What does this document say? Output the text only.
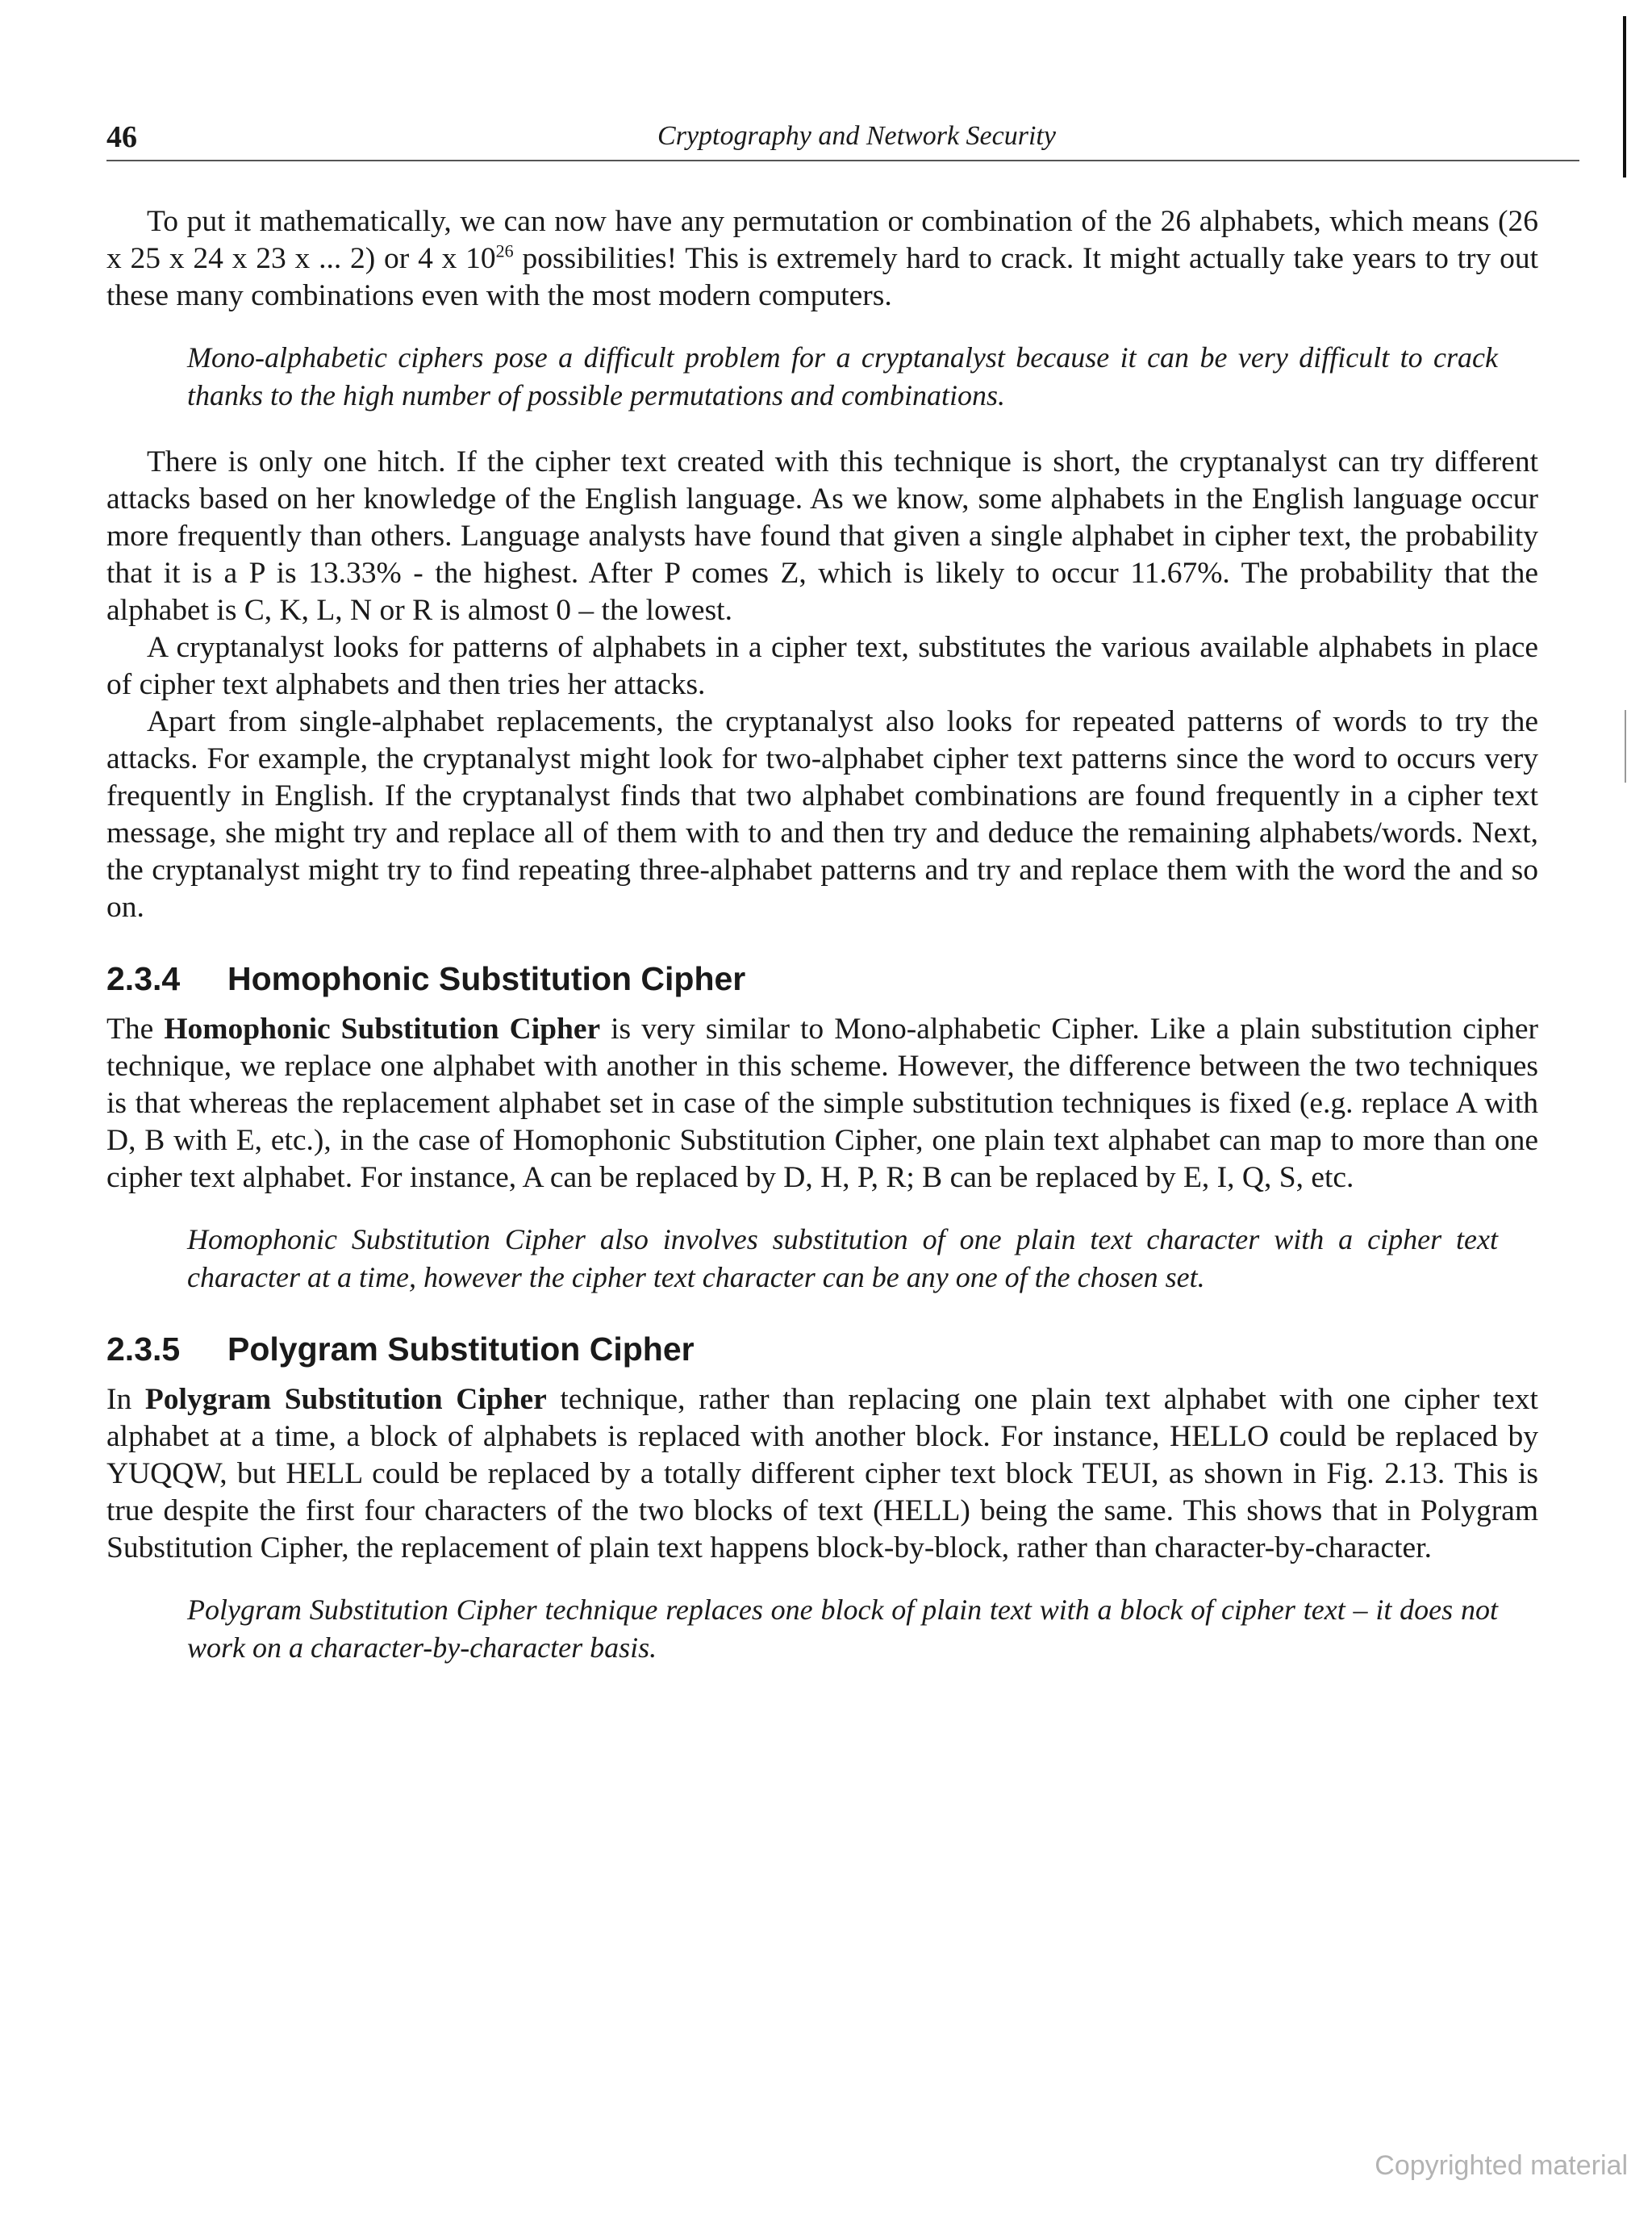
46	Cryptography and Network Security

To put it mathematically, we can now have any permutation or combination of the 26 alphabets, which means (26 x 25 x 24 x 23 x ... 2) or 4 x $10^{26}$ possibilities! This is extremely hard to crack. It might actually take years to try out these many combinations even with the most modern computers.

Mono-alphabetic ciphers pose a difficult problem for a cryptanalyst because it can be very difficult to crack thanks to the high number of possible permutations and combinations.

There is only one hitch. If the cipher text created with this technique is short, the cryptanalyst can try different attacks based on her knowledge of the English language. As we know, some alphabets in the English language occur more frequently than others. Language analysts have found that given a single alphabet in cipher text, the probability that it is a P is 13.33% - the highest. After P comes Z, which is likely to occur 11.67%. The probability that the alphabet is C, K, L, N or R is almost 0 – the lowest.

A cryptanalyst looks for patterns of alphabets in a cipher text, substitutes the various available alphabets in place of cipher text alphabets and then tries her attacks.

Apart from single-alphabet replacements, the cryptanalyst also looks for repeated patterns of words to try the attacks. For example, the cryptanalyst might look for two-alphabet cipher text patterns since the word to occurs very frequently in English. If the cryptanalyst finds that two alphabet combinations are found frequently in a cipher text message, she might try and replace all of them with to and then try and deduce the remaining alphabets/words. Next, the cryptanalyst might try to find repeating three-alphabet patterns and try and replace them with the word the and so on.

2.3.4 Homophonic Substitution Cipher

The Homophonic Substitution Cipher is very similar to Mono-alphabetic Cipher. Like a plain substitution cipher technique, we replace one alphabet with another in this scheme. However, the difference between the two techniques is that whereas the replacement alphabet set in case of the simple substitution techniques is fixed (e.g. replace A with D, B with E, etc.), in the case of Homophonic Substitution Cipher, one plain text alphabet can map to more than one cipher text alphabet. For instance, A can be replaced by D, H, P, R; B can be replaced by E, I, Q, S, etc.

Homophonic Substitution Cipher also involves substitution of one plain text character with a cipher text character at a time, however the cipher text character can be any one of the chosen set.
2.3.5 Polygram Substitution Cipher

In Polygram Substitution Cipher technique, rather than replacing one plain text alphabet with one cipher text alphabet at a time, a block of alphabets is replaced with another block. For instance, HELLO could be replaced by YUQQW, but HELL could be replaced by a totally different cipher text block TEUI, as shown in Fig. 2.13. This is true despite the first four characters of the two blocks of text (HELL) being the same. This shows that in Polygram Substitution Cipher, the replacement of plain text happens block-by-block, rather than character-by-character.

Polygram Substitution Cipher technique replaces one block of plain text with a block of cipher text – it does not work on a character-by-character basis.
Copyrighted material
